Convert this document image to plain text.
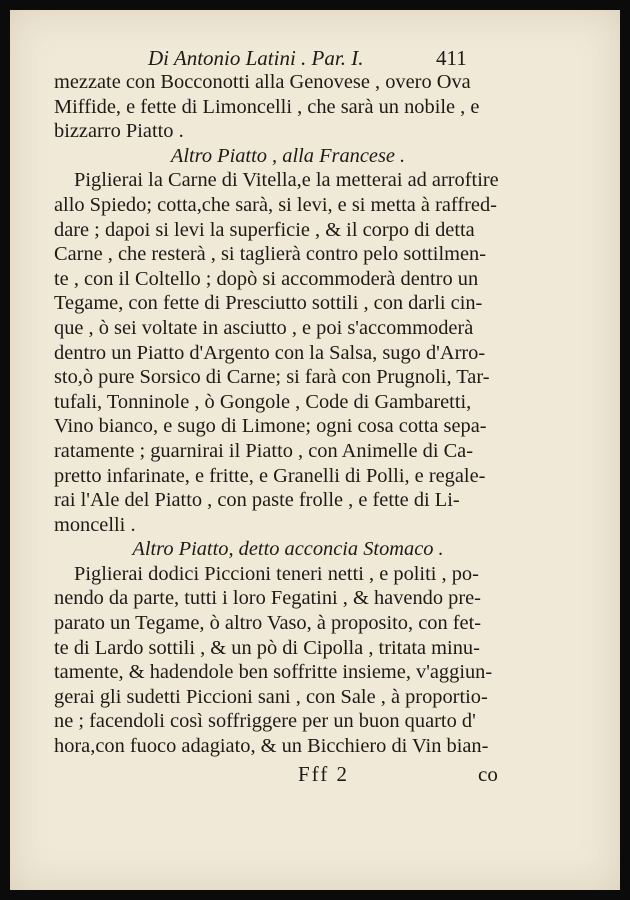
Di Antonio Latini . Par. I.	411
mezzate con Bocconotti alla Genovese , overo Ova
Miffide, e fette di Limoncelli , che sarà un nobile , e
bizzarro Piatto .
Altro Piatto , alla Francese .
Piglierai la Carne di Vitella,e la metterai ad arroftire
allo Spiedo; cotta,che sarà, si levi, e si metta à raffred-
dare ; dapoi si levi la superficie , & il corpo di detta
Carne , che resterà , si taglierà contro pelo sottilmen-
te , con il Coltello ; dopò si accommoderà dentro un
Tegame, con fette di Presciutto sottili , con darli cin-
que , ò sei voltate in asciutto , e poi s'accommoderà
dentro un Piatto d'Argento con la Salsa, sugo d'Arro-
sto,ò pure Sorsico di Carne; si farà con Prugnoli, Tar-
tufali, Tonninole , ò Gongole , Code di Gambaretti,
Vino bianco, e sugo di Limone; ogni cosa cotta sepa-
ratamente ; guarnirai il Piatto , con Animelle di Ca-
pretto infarinate, e fritte, e Granelli di Polli, e regale-
rai l'Ale del Piatto , con paste frolle , e fette di Li-
moncelli .
Altro Piatto, detto acconcia Stomaco .
Piglierai dodici Piccioni teneri netti , e politi , po-
nendo da parte, tutti i loro Fegatini , & havendo pre-
parato un Tegame, ò altro Vaso, à proposito, con fet-
te di Lardo sottili , & un pò di Cipolla , tritata minu-
tamente, & hadendole ben soffritte insieme, v'aggiun-
gerai gli sudetti Piccioni sani , con Sale , à proportio-
ne ; facendoli così soffriggere per un buon quarto d'
hora,con fuoco adagiato, & un Bicchiero di Vin bian-
Fff 2	co
